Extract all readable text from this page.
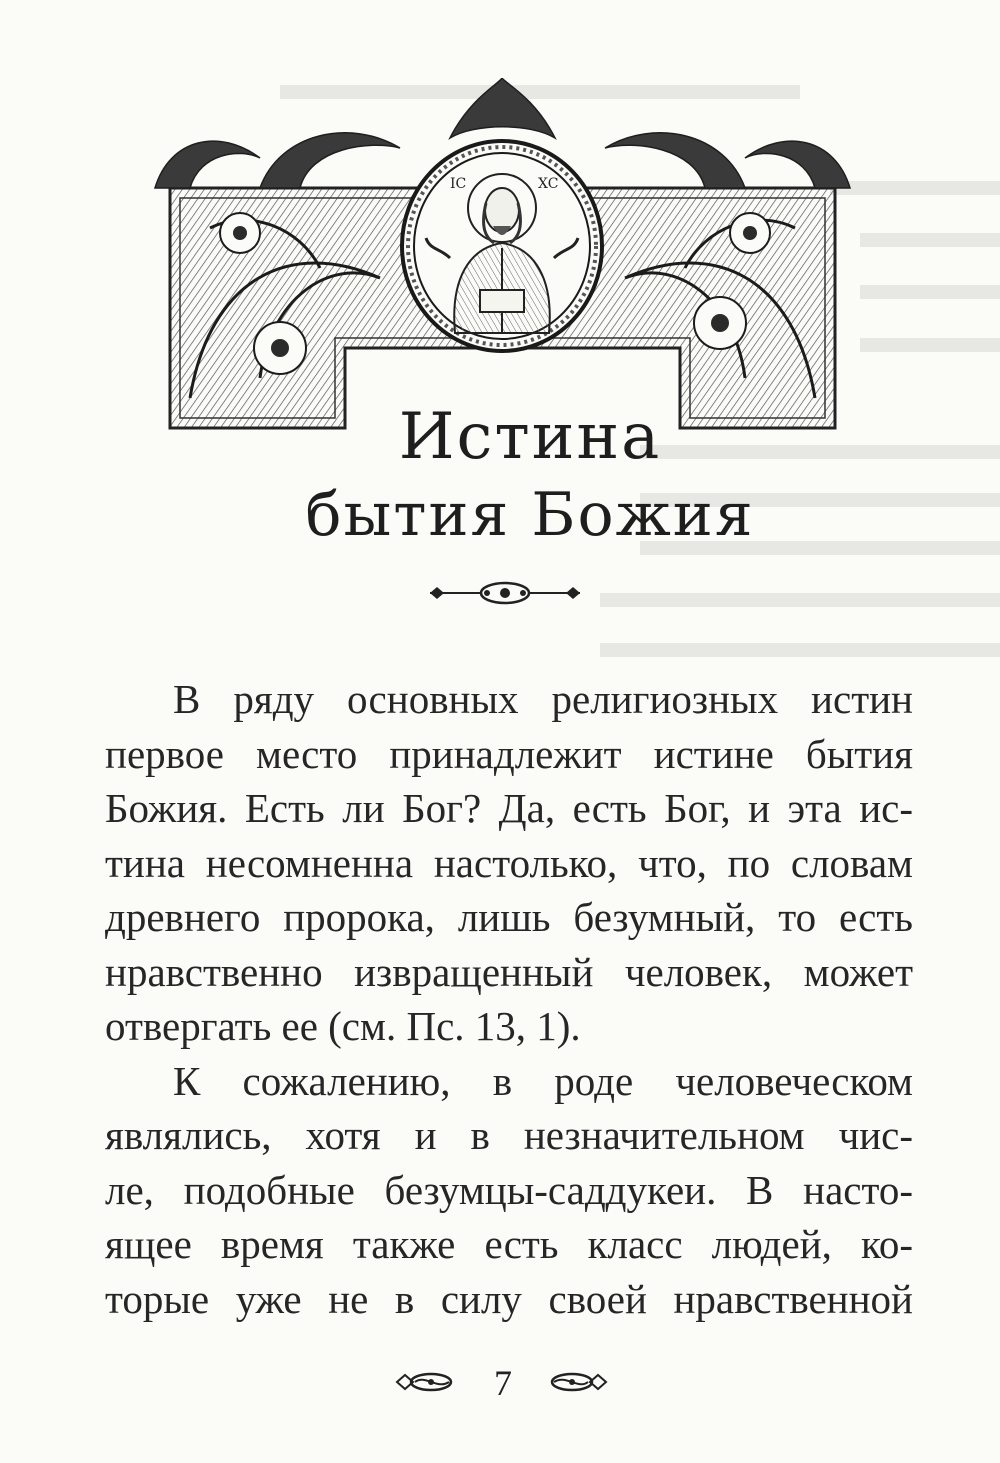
IC	XC
Истина
бытия Божия
В ряду основных религиозных истин
первое место принадлежит истине бытия
Божия. Есть ли Бог? Да, есть Бог, и эта ис-
тина несомненна настолько, что, по словам
древнего пророка, лишь безумный, то есть
нравственно извращенный человек, может
отвергать ее (см. Пс. 13, 1).
К сожалению, в роде человеческом
являлись, хотя и в незначительном чис-
ле, подобные безумцы-саддукеи. В насто-
ящее время также есть класс людей, ко-
торые уже не в силу своей нравственной
7
